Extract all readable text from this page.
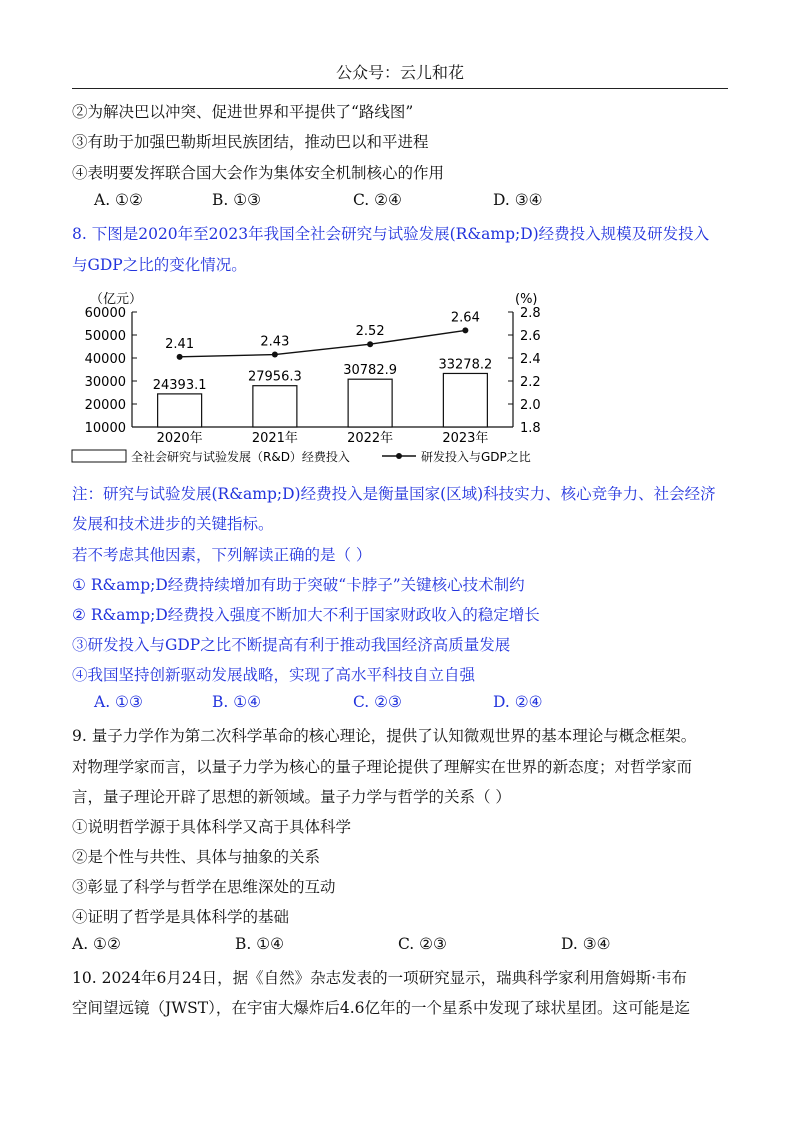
公众号：云儿和花
②为解决巴以冲突、促进世界和平提供了“路线图”
③有助于加强巴勒斯坦民族团结，推动巴以和平进程
④表明要发挥联合国大会作为集体安全机制核心的作用
A. ①②	B. ①③	C. ②④	D. ③④
8. 下图是2020年至2023年我国全社会研究与试验发展(R&amp;D)经费投入规模及研发投入
与GDP之比的变化情况。
（亿元）	(%)
10000
20000
30000
40000
50000
60000
1.8
2.0
2.2
2.4
2.6
2.8
24393.1
27956.3	30782.9	33278.2
2.41	2.43
2.52
2.64
2020年	2021年	2022年	2023年
全社会研究与试验发展（R&D）经费投入	研发投入与GDP之比
注：研究与试验发展(R&amp;D)经费投入是衡量国家(区域)科技实力、核心竞争力、社会经济
发展和技术进步的关键指标。
若不考虑其他因素，下列解读正确的是（ ）
① R&amp;D经费持续增加有助于突破“卡脖子”关键核心技术制约
② R&amp;D经费投入强度不断加大不利于国家财政收入的稳定增长
③研发投入与GDP之比不断提高有利于推动我国经济高质量发展
④我国坚持创新驱动发展战略，实现了高水平科技自立自强
A. ①③	B. ①④	C. ②③	D. ②④
9. 量子力学作为第二次科学革命的核心理论，提供了认知微观世界的基本理论与概念框架。
对物理学家而言，以量子力学为核心的量子理论提供了理解实在世界的新态度；对哲学家而
言，量子理论开辟了思想的新领域。量子力学与哲学的关系（ ）
①说明哲学源于具体科学又高于具体科学
②是个性与共性、具体与抽象的关系
③彰显了科学与哲学在思维深处的互动
④证明了哲学是具体科学的基础
A. ①②	B. ①④	C. ②③	D. ③④
10. 2024年6月24日，据《自然》杂志发表的一项研究显示，瑞典科学家利用詹姆斯·韦布
空间望远镜（JWST），在宇宙大爆炸后4.6亿年的一个星系中发现了球状星团。这可能是迄
